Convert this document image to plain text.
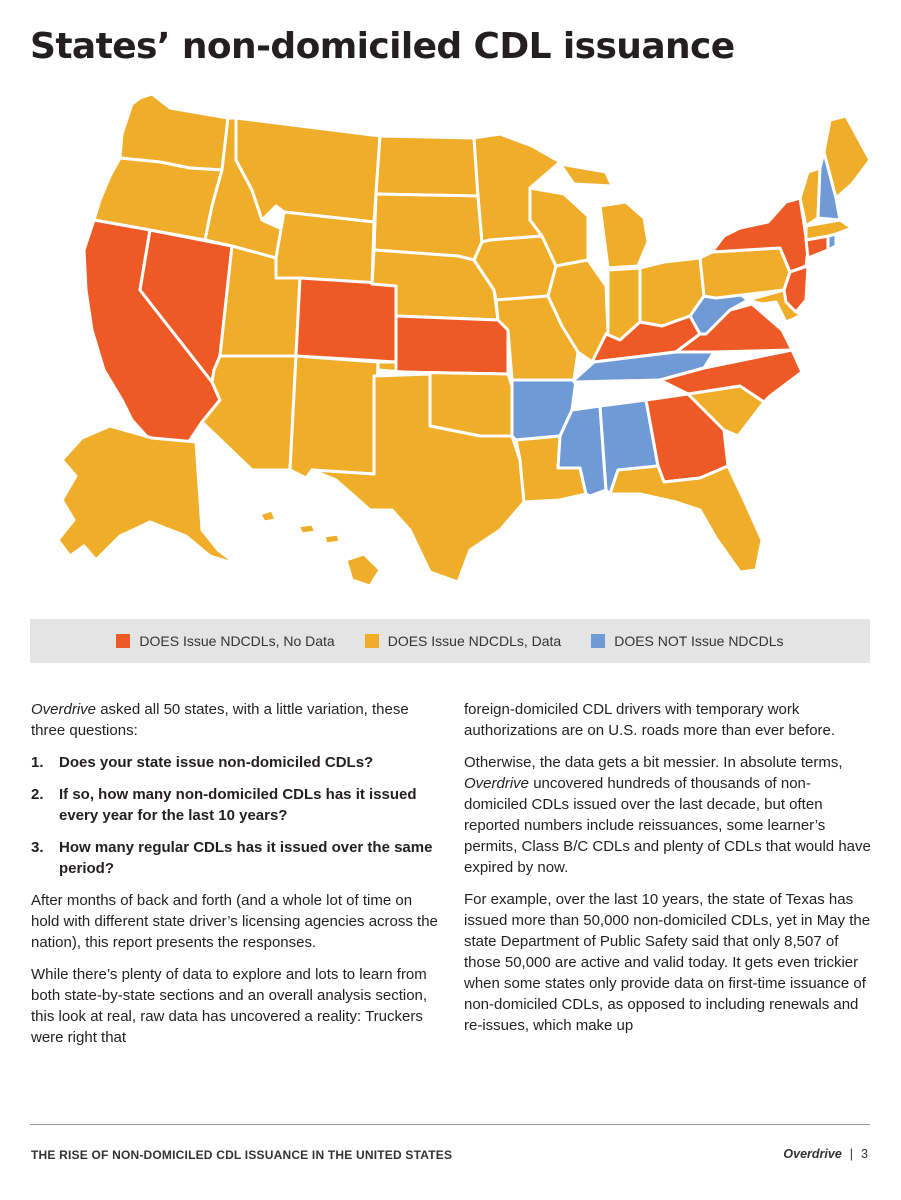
States’ non-domiciled CDL issuance
DOES Issue NDCDLs, No Data	DOES Issue NDCDLs, Data	DOES NOT Issue NDCDLs

Overdrive asked all 50 states, with a little variation, these three questions:

1. Does your state issue non-domiciled CDLs?
2. If so, how many non-domiciled CDLs has it issued every year for the last 10 years?
3. How many regular CDLs has it issued over the same period?

After months of back and forth (and a whole lot of time on hold with different state driver’s licensing agencies across the nation), this report presents the responses.

While there’s plenty of data to explore and lots to learn from both state-by-state sections and an overall analysis section, this look at real, raw data has uncovered a reality: Truckers were right that

foreign-domiciled CDL drivers with temporary work authorizations are on U.S. roads more than ever before.

Otherwise, the data gets a bit messier. In absolute terms, Overdrive uncovered hundreds of thousands of non-domiciled CDLs issued over the last decade, but often reported numbers include reissuances, some learner’s permits, Class B/C CDLs and plenty of CDLs that would have expired by now.

For example, over the last 10 years, the state of Texas has issued more than 50,000 non-domiciled CDLs, yet in May the state Department of Public Safety said that only 8,507 of those 50,000 are active and valid today. It gets even trickier when some states only provide data on first-time issuance of non-domiciled CDLs, as opposed to including renewals and re-issues, which make up

THE RISE OF NON-DOMICILED CDL ISSUANCE IN THE UNITED STATES	Overdrive | 3
